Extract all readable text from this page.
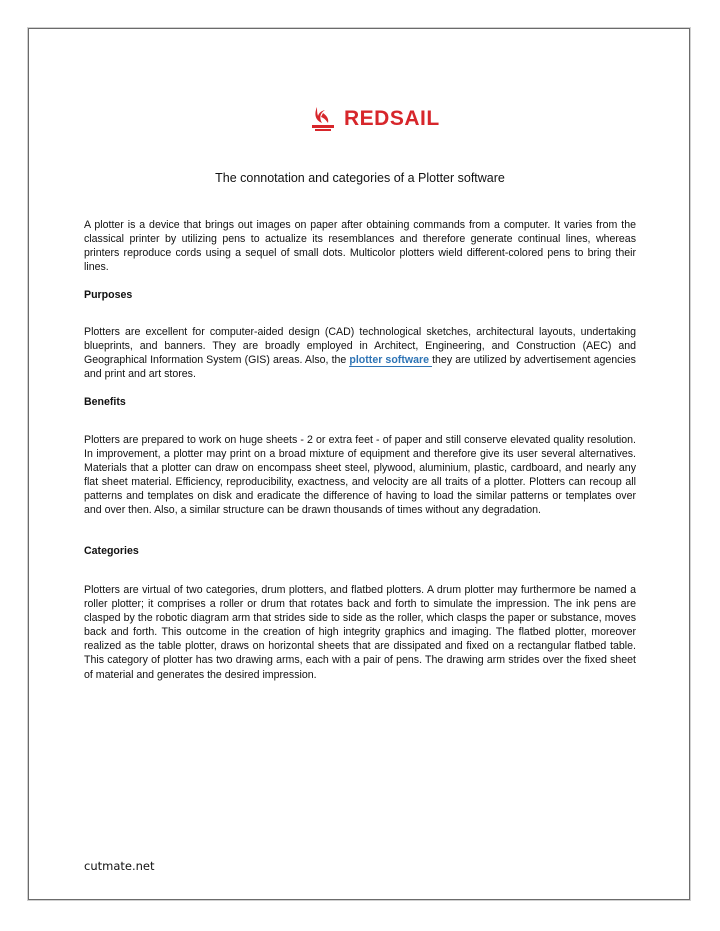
REDSAIL
The connotation and categories of a Plotter software

A plotter is a device that brings out images on paper after obtaining commands from a computer. It varies from the classical printer by utilizing pens to actualize its resemblances and therefore generate continual lines, whereas printers reproduce cords using a sequel of small dots. Multicolor plotters wield different-colored pens to bring their lines.

Purposes

Plotters are excellent for computer-aided design (CAD) technological sketches, architectural layouts, undertaking blueprints, and banners. They are broadly employed in Architect, Engineering, and Construction (AEC) and Geographical Information System (GIS) areas. Also, the plotter software they are utilized by advertisement agencies and print and art stores.

Benefits

Plotters are prepared to work on huge sheets - 2 or extra feet - of paper and still conserve elevated quality resolution. In improvement, a plotter may print on a broad mixture of equipment and therefore give its user several alternatives. Materials that a plotter can draw on encompass sheet steel, plywood, aluminium, plastic, cardboard, and nearly any flat sheet material. Efficiency, reproducibility, exactness, and velocity are all traits of a plotter. Plotters can recoup all patterns and templates on disk and eradicate the difference of having to load the similar patterns or templates over and over then. Also, a similar structure can be drawn thousands of times without any degradation.

Categories

Plotters are virtual of two categories, drum plotters, and flatbed plotters. A drum plotter may furthermore be named a roller plotter; it comprises a roller or drum that rotates back and forth to simulate the impression. The ink pens are clasped by the robotic diagram arm that strides side to side as the roller, which clasps the paper or substance, moves back and forth. This outcome in the creation of high integrity graphics and imaging. The flatbed plotter, moreover realized as the table plotter, draws on horizontal sheets that are dissipated and fixed on a rectangular flatbed table. This category of plotter has two drawing arms, each with a pair of pens. The drawing arm strides over the fixed sheet of material and generates the desired impression.

cutmate.net
